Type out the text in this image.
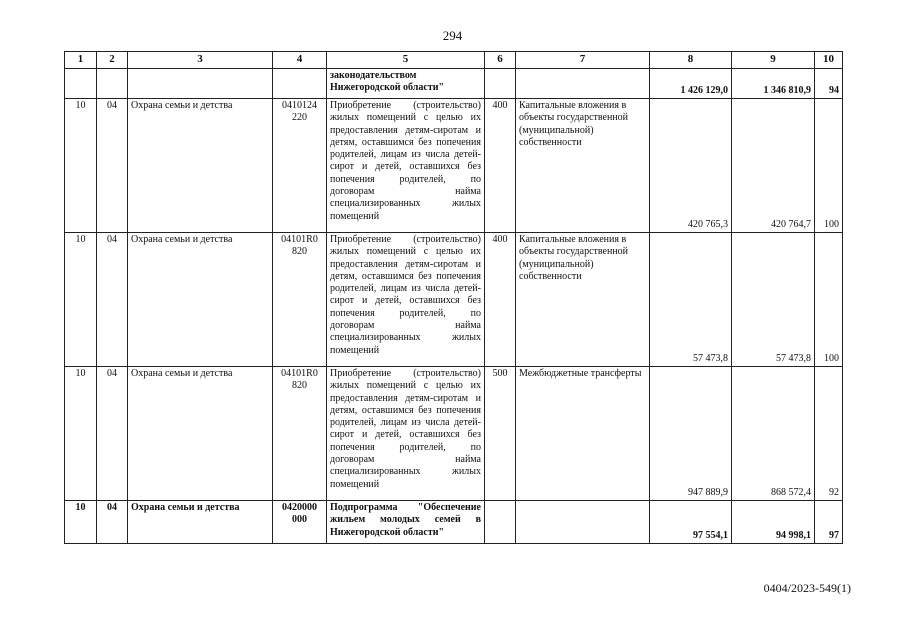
294
1	2	3	4	5	6	7	8	9	10
				законодательством Нижегородской области"			1 426 129,0	1 346 810,9	94
10	04	Охрана семьи и детства	0410124 220	Приобретение (строительство) жилых помещений с целью их предоставления детям-сиротам и детям, оставшимся без попечения родителей, лицам из числа детей-сирот и детей, оставшихся без попечения родителей, по договорам найма специализированных жилых помещений	400	Капитальные вложения в объекты государственной (муниципальной) собственности	420 765,3	420 764,7	100
10	04	Охрана семьи и детства	04101R0 820	Приобретение (строительство) жилых помещений с целью их предоставления детям-сиротам и детям, оставшимся без попечения родителей, лицам из числа детей-сирот и детей, оставшихся без попечения родителей, по договорам найма специализированных жилых помещений	400	Капитальные вложения в объекты государственной (муниципальной) собственности	57 473,8	57 473,8	100
10	04	Охрана семьи и детства	04101R0 820	Приобретение (строительство) жилых помещений с целью их предоставления детям-сиротам и детям, оставшимся без попечения родителей, лицам из числа детей-сирот и детей, оставшихся без попечения родителей, по договорам найма специализированных жилых помещений	500	Межбюджетные трансферты	947 889,9	868 572,4	92
10	04	Охрана семьи и детства	0420000 000	Подпрограмма "Обеспечение жильем молодых семей в Нижегородской области"			97 554,1	94 998,1	97
0404/2023-549(1)
